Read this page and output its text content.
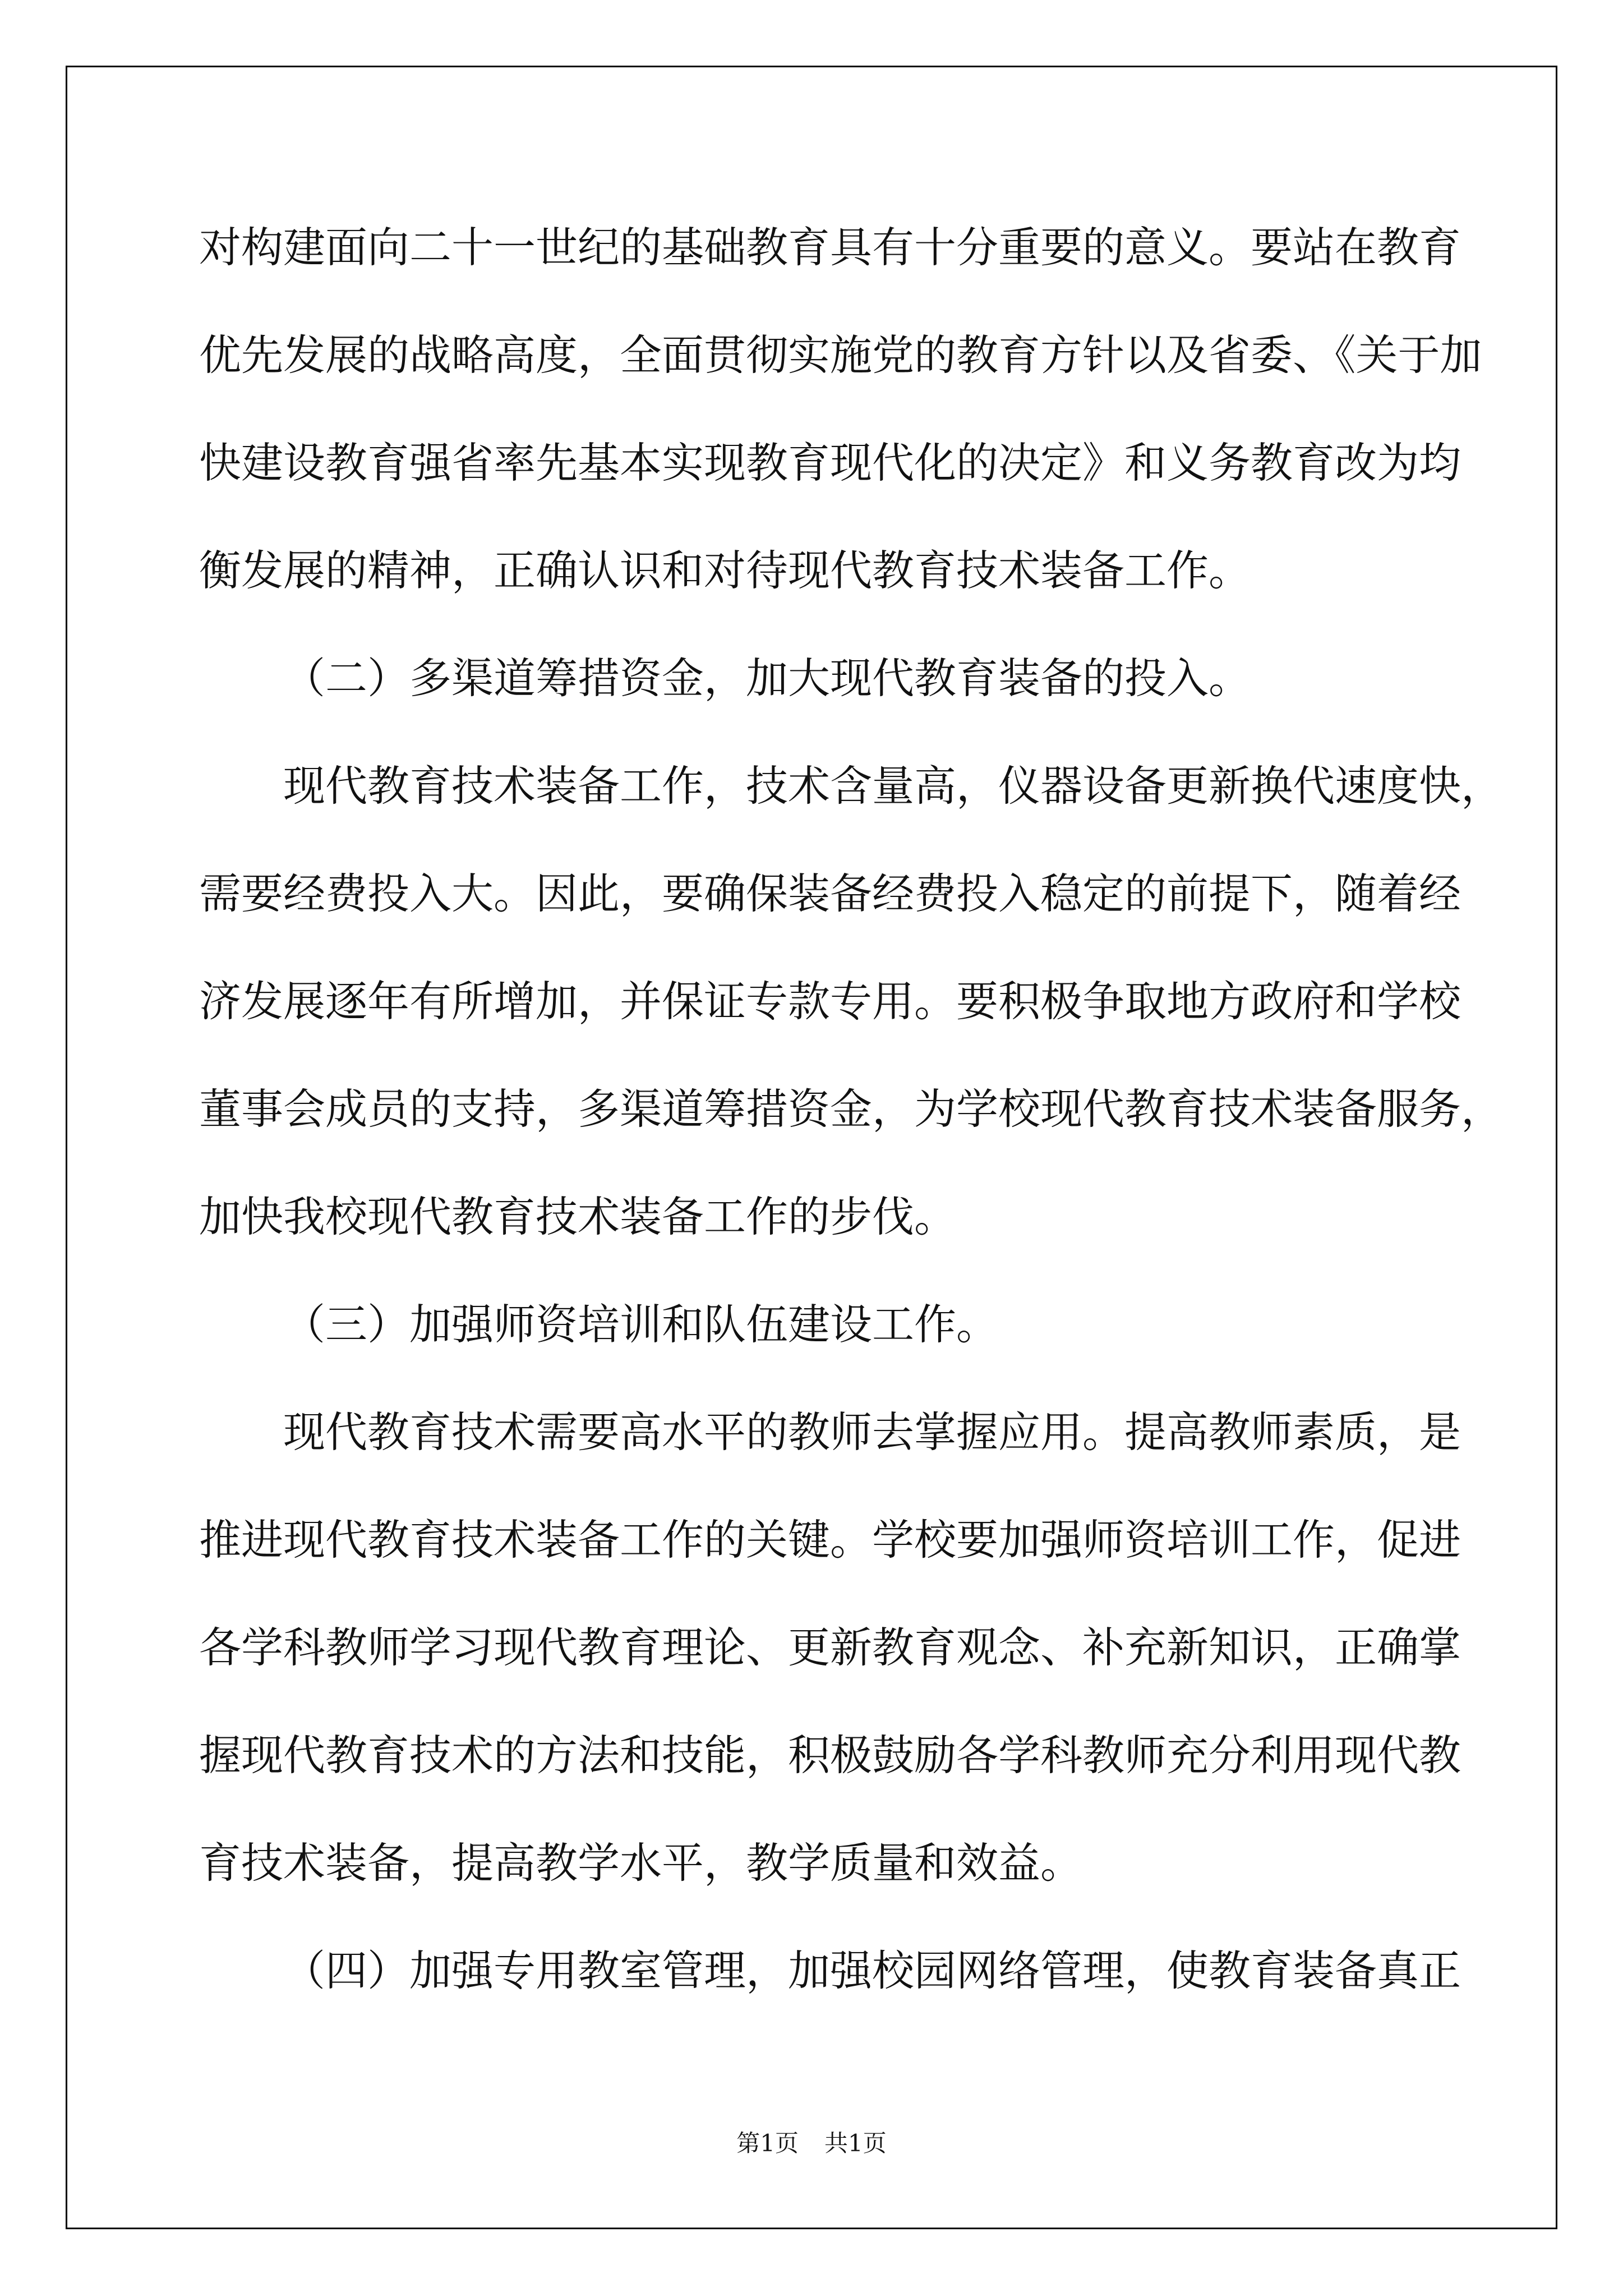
对构建面向二十一世纪的基础教育具有十分重要的意义。要站在教育
优先发展的战略高度，全面贯彻实施党的教育方针以及省委、《关于加
快建设教育强省率先基本实现教育现代化的决定》和义务教育改为均
衡发展的精神，正确认识和对待现代教育技术装备工作。
（二）多渠道筹措资金，加大现代教育装备的投入。
现代教育技术装备工作，技术含量高，仪器设备更新换代速度快，
需要经费投入大。因此，要确保装备经费投入稳定的前提下，随着经
济发展逐年有所增加，并保证专款专用。要积极争取地方政府和学校
董事会成员的支持，多渠道筹措资金，为学校现代教育技术装备服务，
加快我校现代教育技术装备工作的步伐。
（三）加强师资培训和队伍建设工作。
现代教育技术需要高水平的教师去掌握应用。提高教师素质，是
推进现代教育技术装备工作的关键。学校要加强师资培训工作，促进
各学科教师学习现代教育理论、更新教育观念、补充新知识，正确掌
握现代教育技术的方法和技能，积极鼓励各学科教师充分利用现代教
育技术装备，提高教学水平，教学质量和效益。
（四）加强专用教室管理，加强校园网络管理，使教育装备真正
第1页 共1页
